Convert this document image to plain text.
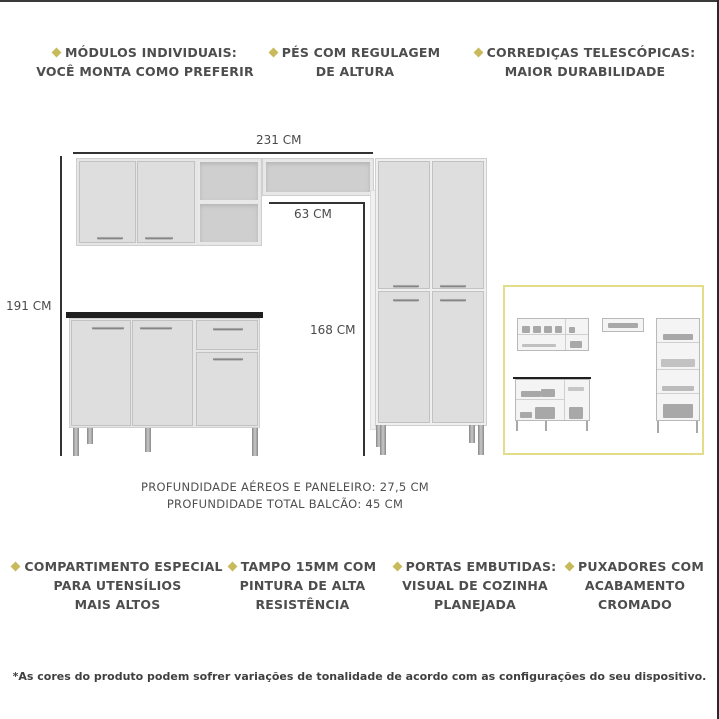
MÓDULOS INDIVIDUAIS:
VOCÊ MONTA COMO PREFERIR
PÉS COM REGULAGEM
DE ALTURA
CORREDIÇAS TELESCÓPICAS:
MAIOR DURABILIDADE
231 CM
191 CM
63 CM
168 CM
PROFUNDIDADE AÉREOS E PANELEIRO: 27,5 CM
PROFUNDIDADE TOTAL BALCÃO: 45 CM
COMPARTIMENTO ESPECIAL
PARA UTENSÍLIOS
MAIS ALTOS
TAMPO 15MM COM
PINTURA DE ALTA
RESISTÊNCIA
PORTAS EMBUTIDAS:
VISUAL DE COZINHA
PLANEJADA
PUXADORES COM
ACABAMENTO
CROMADO
*As cores do produto podem sofrer variações de tonalidade de acordo com as configurações do seu dispositivo.
